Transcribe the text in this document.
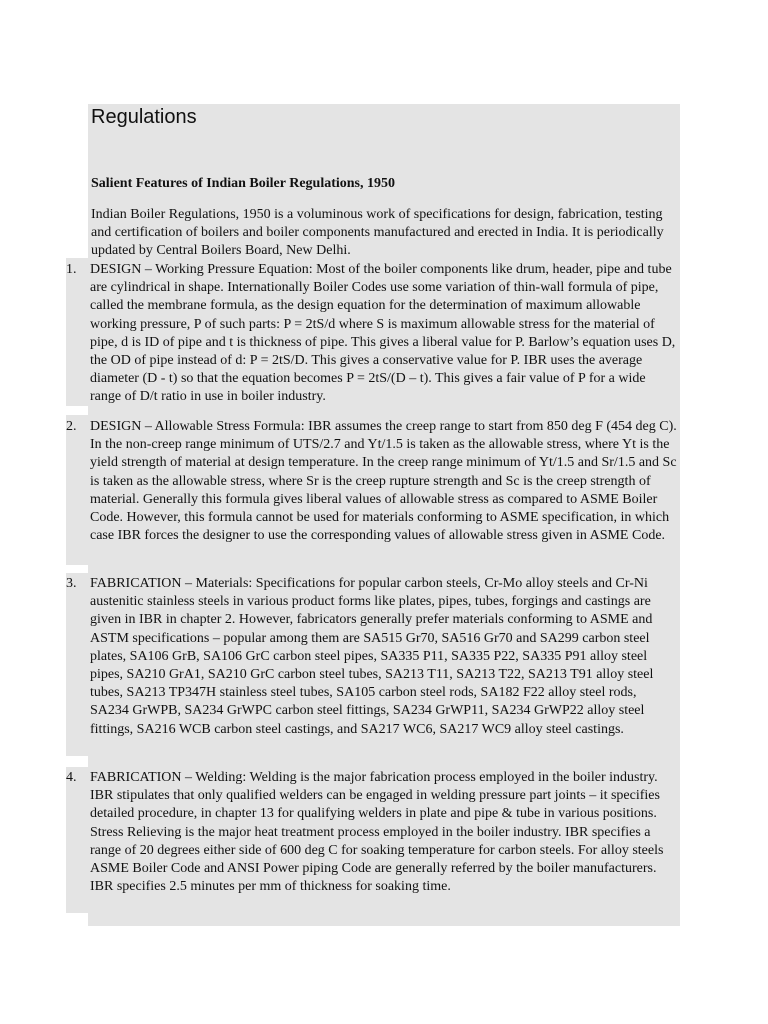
Regulations
Salient Features of Indian Boiler Regulations, 1950
Indian Boiler Regulations, 1950 is a voluminous work of specifications for design, fabrication, testing and certification of boilers and boiler components manufactured and erected in India. It is periodically updated by Central Boilers Board, New Delhi.
1. DESIGN – Working Pressure Equation: Most of the boiler components like drum, header, pipe and tube are cylindrical in shape. Internationally Boiler Codes use some variation of thin-wall formula of pipe, called the membrane formula, as the design equation for the determination of maximum allowable working pressure, P of such parts: P = 2tS/d where S is maximum allowable stress for the material of pipe, d is ID of pipe and t is thickness of pipe. This gives a liberal value for P. Barlow’s equation uses D, the OD of pipe instead of d: P = 2tS/D. This gives a conservative value for P. IBR uses the average diameter (D - t) so that the equation becomes P = 2tS/(D – t). This gives a fair value of P for a wide range of D/t ratio in use in boiler industry.
2. DESIGN – Allowable Stress Formula: IBR assumes the creep range to start from 850 deg F (454 deg C). In the non-creep range minimum of UTS/2.7 and Yt/1.5 is taken as the allowable stress, where Yt is the yield strength of material at design temperature. In the creep range minimum of Yt/1.5 and Sr/1.5 and Sc is taken as the allowable stress, where Sr is the creep rupture strength and Sc is the creep strength of material. Generally this formula gives liberal values of allowable stress as compared to ASME Boiler Code. However, this formula cannot be used for materials conforming to ASME specification, in which case IBR forces the designer to use the corresponding values of allowable stress given in ASME Code.
3. FABRICATION – Materials: Specifications for popular carbon steels, Cr-Mo alloy steels and Cr-Ni austenitic stainless steels in various product forms like plates, pipes, tubes, forgings and castings are given in IBR in chapter 2. However, fabricators generally prefer materials conforming to ASME and ASTM specifications – popular among them are SA515 Gr70, SA516 Gr70 and SA299 carbon steel plates, SA106 GrB, SA106 GrC carbon steel pipes, SA335 P11, SA335 P22, SA335 P91 alloy steel pipes, SA210 GrA1, SA210 GrC carbon steel tubes, SA213 T11, SA213 T22, SA213 T91 alloy steel tubes, SA213 TP347H stainless steel tubes, SA105 carbon steel rods, SA182 F22 alloy steel rods, SA234 GrWPB, SA234 GrWPC carbon steel fittings, SA234 GrWP11, SA234 GrWP22 alloy steel fittings, SA216 WCB carbon steel castings, and SA217 WC6, SA217 WC9 alloy steel castings.
4. FABRICATION – Welding: Welding is the major fabrication process employed in the boiler industry. IBR stipulates that only qualified welders can be engaged in welding pressure part joints – it specifies detailed procedure, in chapter 13 for qualifying welders in plate and pipe & tube in various positions. Stress Relieving is the major heat treatment process employed in the boiler industry. IBR specifies a range of 20 degrees either side of 600 deg C for soaking temperature for carbon steels. For alloy steels ASME Boiler Code and ANSI Power piping Code are generally referred by the boiler manufacturers. IBR specifies 2.5 minutes per mm of thickness for soaking time.
